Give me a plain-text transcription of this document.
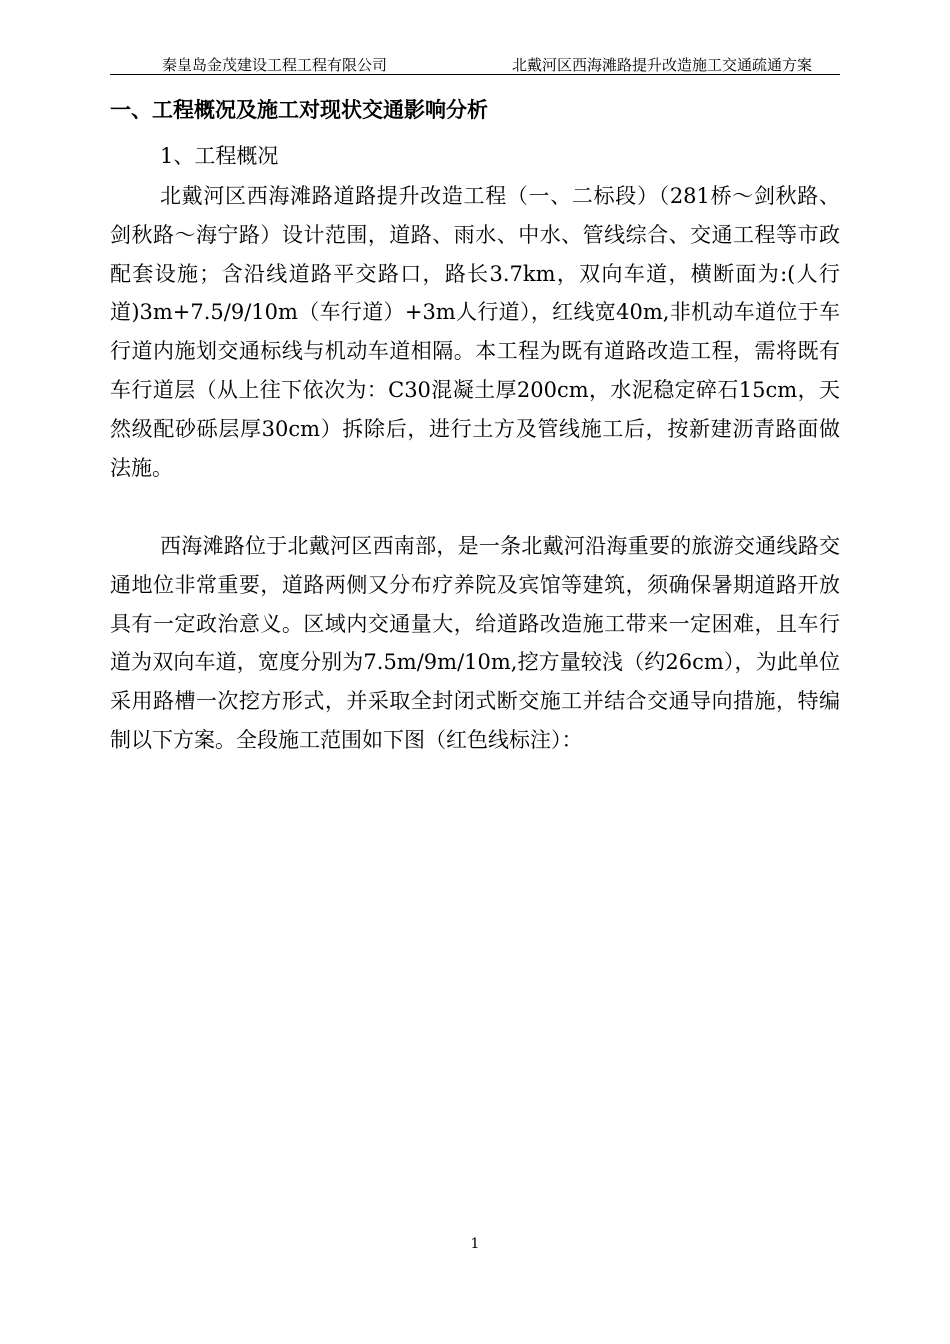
秦皇岛金茂建设工程工程有限公司	北戴河区西海滩路提升改造施工交通疏通方案
一、工程概况及施工对现状交通影响分析
1、工程概况

北戴河区西海滩路道路提升改造工程（一、二标段）（281桥～剑秋路、剑秋路～海宁路）设计范围，道路、雨水、中水、管线综合、交通工程等市政配套设施；含沿线道路平交路口，路长3.7km，双向车道，横断面为:(人行道)3m+7.5/9/10m（车行道）+3m人行道），红线宽40m,非机动车道位于车行道内施划交通标线与机动车道相隔。本工程为既有道路改造工程，需将既有车行道层（从上往下依次为：C30混凝土厚200cm，水泥稳定碎石15cm，天然级配砂砾层厚30cm）拆除后，进行土方及管线施工后，按新建沥青路面做法施。

西海滩路位于北戴河区西南部，是一条北戴河沿海重要的旅游交通线路交通地位非常重要，道路两侧又分布疗养院及宾馆等建筑，须确保暑期道路开放具有一定政治意义。区域内交通量大，给道路改造施工带来一定困难，且车行道为双向车道，宽度分别为7.5m/9m/10m,挖方量较浅（约26cm），为此单位采用路槽一次挖方形式，并采取全封闭式断交施工并结合交通导向措施，特编制以下方案。全段施工范围如下图（红色线标注）：

1
